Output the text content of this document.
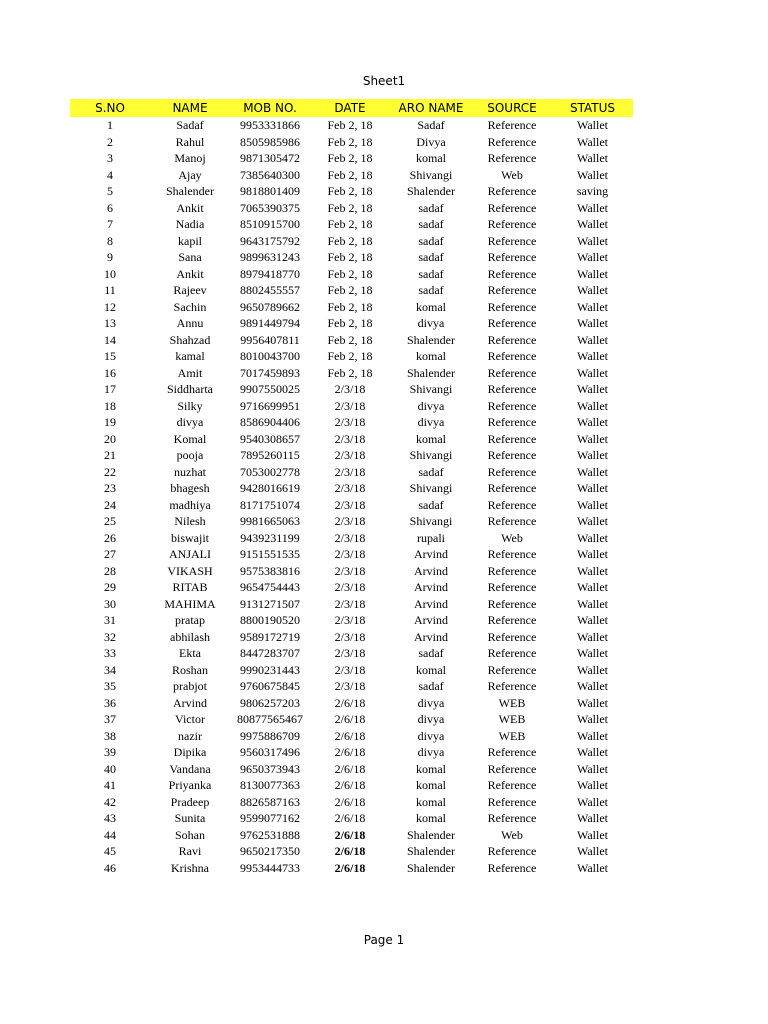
Sheet1
S.NO	NAME	MOB NO.	DATE	ARO NAME	SOURCE	STATUS
1	Sadaf	9953331866	Feb 2, 18	Sadaf	Reference	Wallet
2	Rahul	8505985986	Feb 2, 18	Divya	Reference	Wallet
3	Manoj	9871305472	Feb 2, 18	komal	Reference	Wallet
4	Ajay	7385640300	Feb 2, 18	Shivangi	Web	Wallet
5	Shalender	9818801409	Feb 2, 18	Shalender	Reference	saving
6	Ankit	7065390375	Feb 2, 18	sadaf	Reference	Wallet
7	Nadia	8510915700	Feb 2, 18	sadaf	Reference	Wallet
8	kapil	9643175792	Feb 2, 18	sadaf	Reference	Wallet
9	Sana	9899631243	Feb 2, 18	sadaf	Reference	Wallet
10	Ankit	8979418770	Feb 2, 18	sadaf	Reference	Wallet
11	Rajeev	8802455557	Feb 2, 18	sadaf	Reference	Wallet
12	Sachin	9650789662	Feb 2, 18	komal	Reference	Wallet
13	Annu	9891449794	Feb 2, 18	divya	Reference	Wallet
14	Shahzad	9956407811	Feb 2, 18	Shalender	Reference	Wallet
15	kamal	8010043700	Feb 2, 18	komal	Reference	Wallet
16	Amit	7017459893	Feb 2, 18	Shalender	Reference	Wallet
17	Siddharta	9907550025	2/3/18	Shivangi	Reference	Wallet
18	Silky	9716699951	2/3/18	divya	Reference	Wallet
19	divya	8586904406	2/3/18	divya	Reference	Wallet
20	Komal	9540308657	2/3/18	komal	Reference	Wallet
21	pooja	7895260115	2/3/18	Shivangi	Reference	Wallet
22	nuzhat	7053002778	2/3/18	sadaf	Reference	Wallet
23	bhagesh	9428016619	2/3/18	Shivangi	Reference	Wallet
24	madhiya	8171751074	2/3/18	sadaf	Reference	Wallet
25	Nilesh	9981665063	2/3/18	Shivangi	Reference	Wallet
26	biswajit	9439231199	2/3/18	rupali	Web	Wallet
27	ANJALI	9151551535	2/3/18	Arvind	Reference	Wallet
28	VIKASH	9575383816	2/3/18	Arvind	Reference	Wallet
29	RITAB	9654754443	2/3/18	Arvind	Reference	Wallet
30	MAHIMA	9131271507	2/3/18	Arvind	Reference	Wallet
31	pratap	8800190520	2/3/18	Arvind	Reference	Wallet
32	abhilash	9589172719	2/3/18	Arvind	Reference	Wallet
33	Ekta	8447283707	2/3/18	sadaf	Reference	Wallet
34	Roshan	9990231443	2/3/18	komal	Reference	Wallet
35	prabjot	9760675845	2/3/18	sadaf	Reference	Wallet
36	Arvind	9806257203	2/6/18	divya	WEB	Wallet
37	Victor	80877565467	2/6/18	divya	WEB	Wallet
38	nazir	9975886709	2/6/18	divya	WEB	Wallet
39	Dipika	9560317496	2/6/18	divya	Reference	Wallet
40	Vandana	9650373943	2/6/18	komal	Reference	Wallet
41	Priyanka	8130077363	2/6/18	komal	Reference	Wallet
42	Pradeep	8826587163	2/6/18	komal	Reference	Wallet
43	Sunita	9599077162	2/6/18	komal	Reference	Wallet
44	Sohan	9762531888	2/6/18	Shalender	Web	Wallet
45	Ravi	9650217350	2/6/18	Shalender	Reference	Wallet
46	Krishna	9953444733	2/6/18	Shalender	Reference	Wallet
Page 1
